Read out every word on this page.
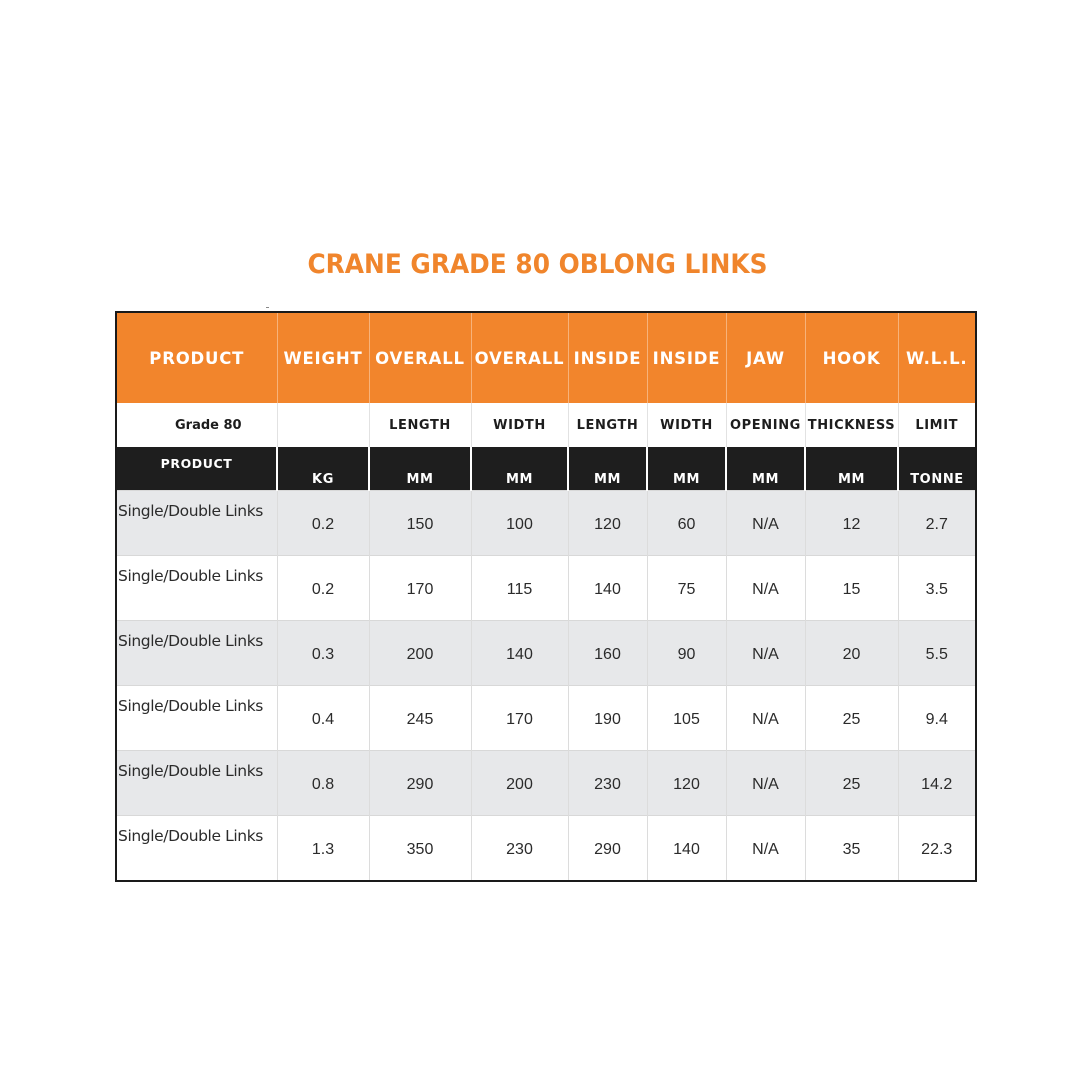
CRANE GRADE 80 OBLONG LINKS
PRODUCT	WEIGHT	OVERALL	OVERALL	INSIDE	INSIDE	JAW	HOOK	W.L.L.
Grade 80		LENGTH	WIDTH	LENGTH	WIDTH	OPENING	THICKNESS	LIMIT
PRODUCT	KG	MM	MM	MM	MM	MM	MM	TONNE
Single/Double Links	0.2	150	100	120	60	N/A	12	2.7
Single/Double Links	0.2	170	115	140	75	N/A	15	3.5
Single/Double Links	0.3	200	140	160	90	N/A	20	5.5
Single/Double Links	0.4	245	170	190	105	N/A	25	9.4
Single/Double Links	0.8	290	200	230	120	N/A	25	14.2
Single/Double Links	1.3	350	230	290	140	N/A	35	22.3
